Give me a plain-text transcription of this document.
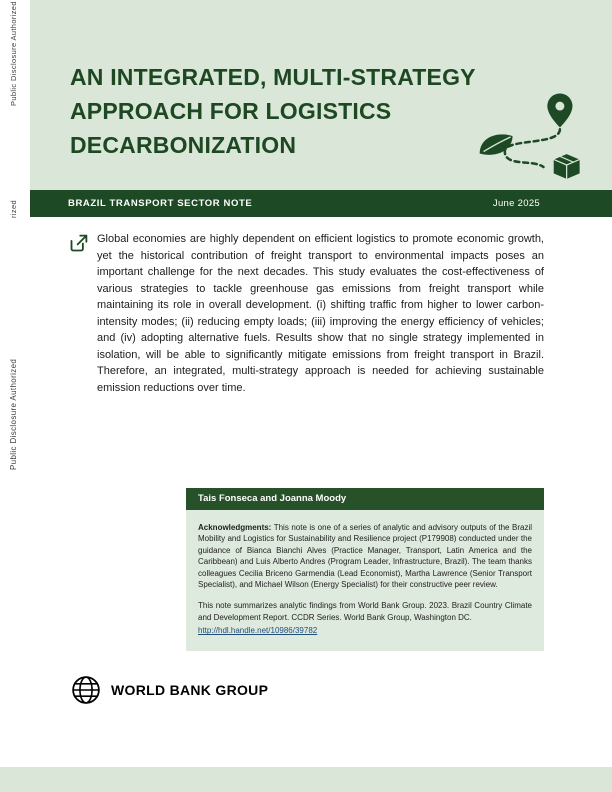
Public Disclosure Authorized
rized
Public Disclosure Authorized
AN INTEGRATED, MULTI-STRATEGY
APPROACH FOR LOGISTICS
DECARBONIZATION
BRAZIL TRANSPORT SECTOR NOTE	June 2025

Global economies are highly dependent on efficient logistics to promote economic growth, yet the historical contribution of freight transport to environmental impacts poses an important challenge for the next decades. This study evaluates the cost-effectiveness of various strategies to tackle greenhouse gas emissions from freight transport while maintaining its role in overall development. (i) shifting traffic from higher to lower carbon-intensity modes; (ii) reducing empty loads; (iii) improving the energy efficiency of vehicles; and (iv) adopting alternative fuels. Results show that no single strategy implemented in isolation, will be able to significantly mitigate emissions from freight transport in Brazil. Therefore, an integrated, multi-strategy approach is needed for achieving sustainable emission reductions over time.

Tais Fonseca and Joanna Moody

Acknowledgments: This note is one of a series of analytic and advisory outputs of the Brazil Mobility and Logistics for Sustainability and Resilience project (P179908) conducted under the guidance of Bianca Bianchi Alves (Practice Manager, Transport, Latin America and the Caribbean) and Luis Alberto Andres (Program Leader, Infrastructure, Brazil). The team thanks colleagues Cecilia Briceno Garmendia (Lead Economist), Martha Lawrence (Senior Transport Specialist), and Michael Wilson (Energy Specialist) for their constructive peer review.

This note summarizes analytic findings from World Bank Group. 2023. Brazil Country Climate and Development Report. CCDR Series. World Bank Group, Washington DC.

http://hdl.handle.net/10986/39782
WORLD BANK GROUP
